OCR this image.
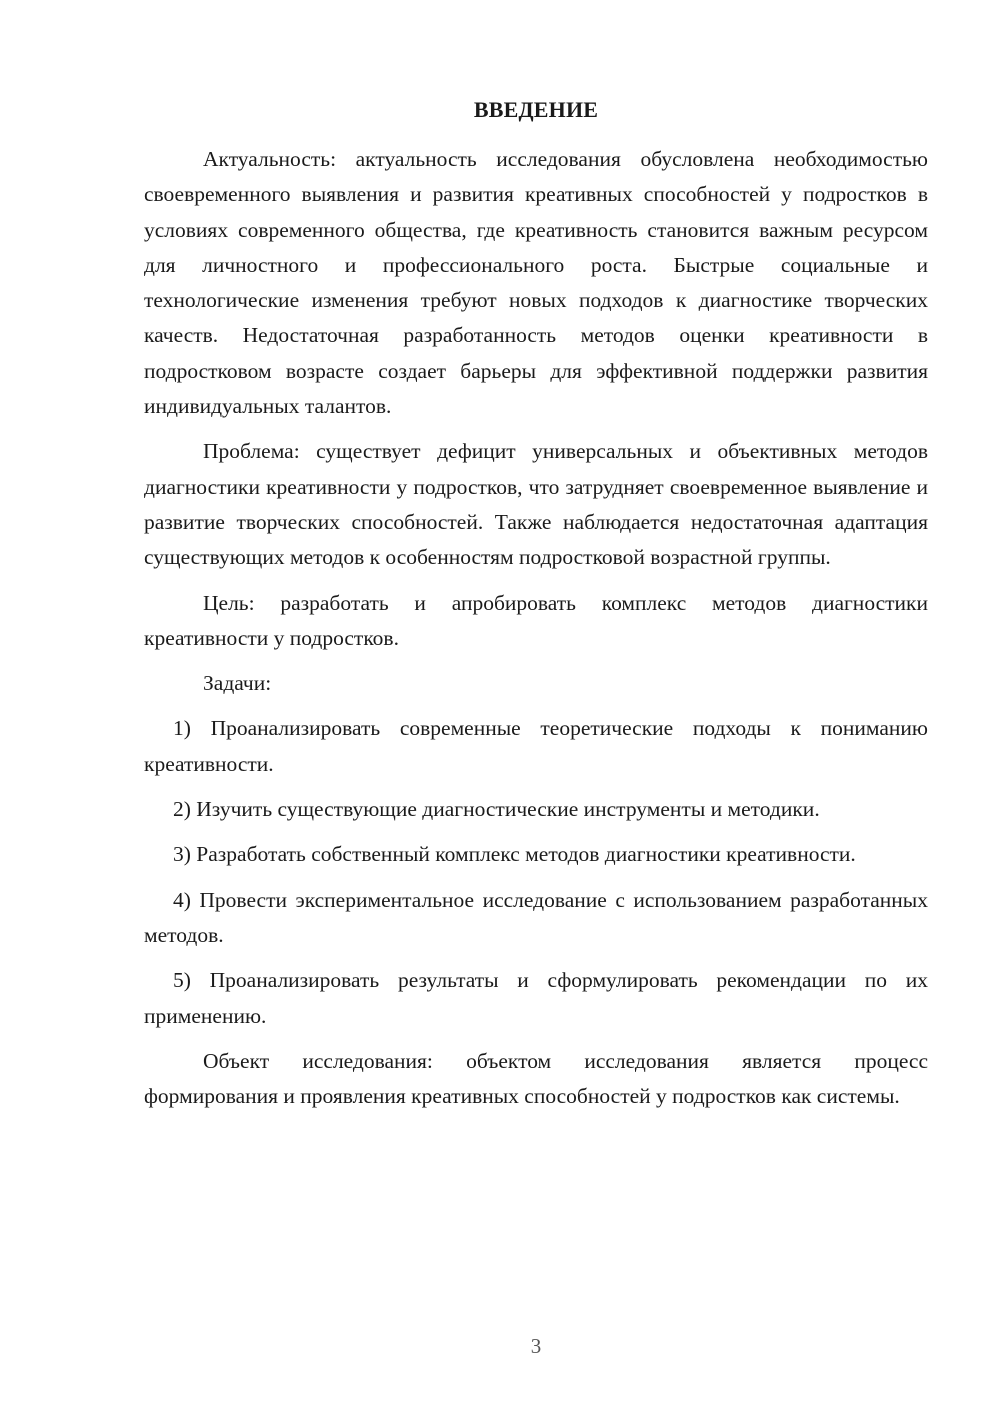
ВВЕДЕНИЕ

Актуальность: актуальность исследования обусловлена необходимостью своевременного выявления и развития креативных способностей у подростков в условиях современного общества, где креативность становится важным ресурсом для личностного и профессионального роста. Быстрые социальные и технологические изменения требуют новых подходов к диагностике творческих качеств. Недостаточная разработанность методов оценки креативности в подростковом возрасте создает барьеры для эффективной поддержки развития индивидуальных талантов.

Проблема: существует дефицит универсальных и объективных методов диагностики креативности у подростков, что затрудняет своевременное выявление и развитие творческих способностей. Также наблюдается недостаточная адаптация существующих методов к особенностям подростковой возрастной группы.

Цель: разработать и апробировать комплекс методов диагностики креативности у подростков.

Задачи:

1) Проанализировать современные теоретические подходы к пониманию креативности.

2) Изучить существующие диагностические инструменты и методики.

3) Разработать собственный комплекс методов диагностики креативности.

4) Провести экспериментальное исследование с использованием разработанных методов.

5) Проанализировать результаты и сформулировать рекомендации по их применению.

Объект исследования: объектом исследования является процесс формирования и проявления креативных способностей у подростков как системы.

3
